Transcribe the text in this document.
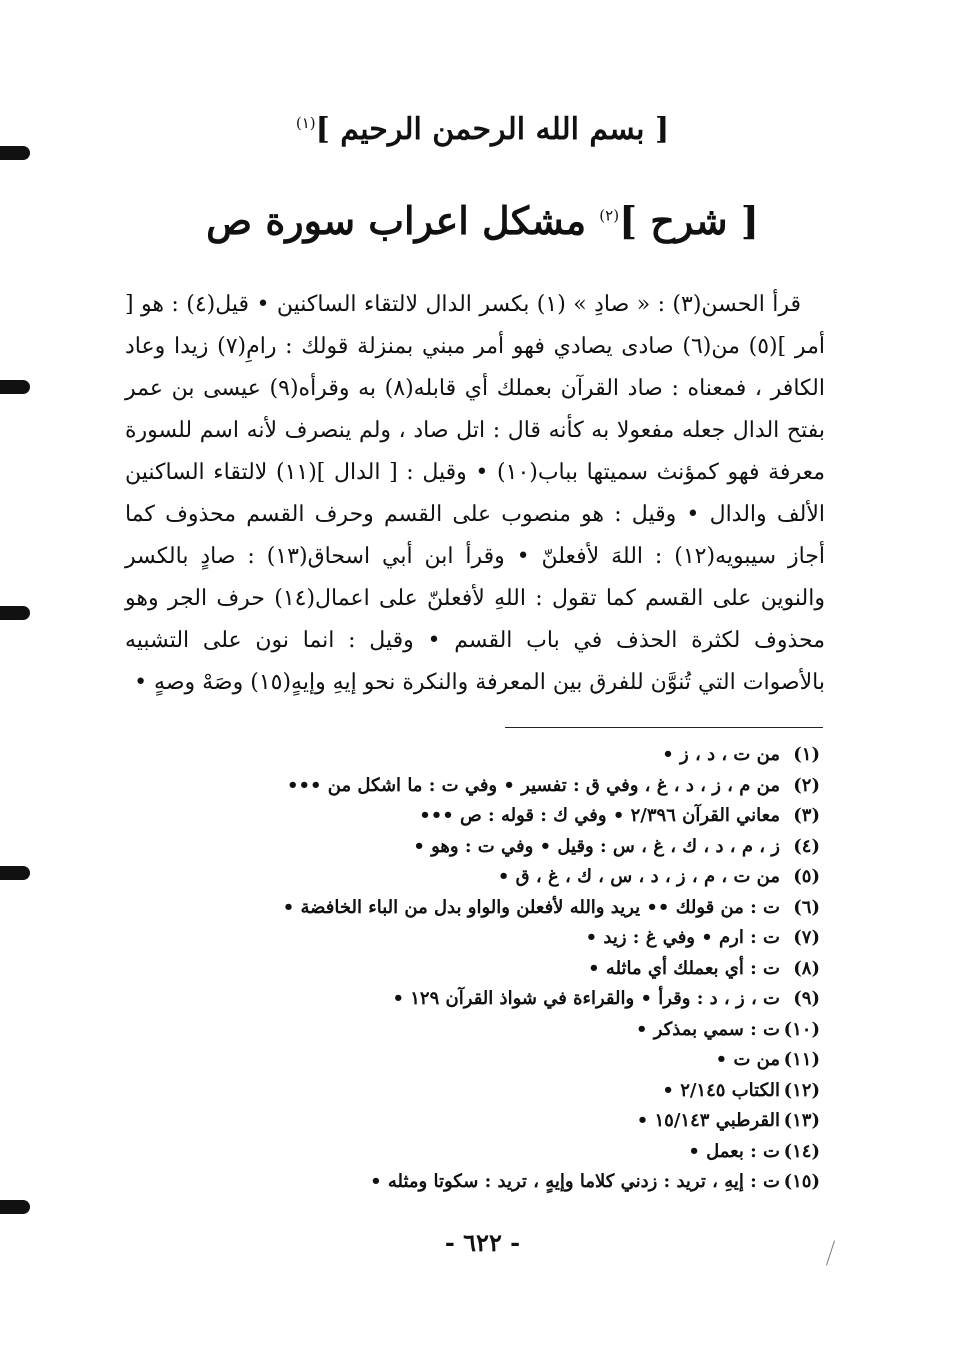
[ بسم الله الرحمن الرحيم ]$^{(١)}$
[ شرح ]$^{(٢)}$ مشكل اعراب سورة ص

قرأ الحسن(٣) : « صادِ » (١) بكسر الدال لالتقاء الساكنين • قيل(٤) : هو [ أمر ](٥) من(٦) صادى يصادي فهو أمر مبني بمنزلة قولك : رامِ(٧) زيدا وعاد الكافر ، فمعناه : صاد القرآن بعملك أي قابله(٨) به وقرأه(٩) عيسى بن عمر بفتح الدال جعله مفعولا به كأنه قال : اتل صاد ، ولم ينصرف لأنه اسم للسورة معرفة فهو كمؤنث سميتها بباب(١٠) • وقيل : [ الدال ](١١) لالتقاء الساكنين الألف والدال • وقيل : هو منصوب على القسم وحرف القسم محذوف كما أجاز سيبويه(١٢) : اللهَ لأفعلنّ • وقرأ ابن أبي اسحاق(١٣) : صادٍ بالكسر والنوين على القسم كما تقول : اللهِ لأفعلنّ على اعمال(١٤) حرف الجر وهو محذوف لكثرة الحذف في باب القسم • وقيل : انما نون على التشبيه بالأصوات التي تُنوَّن للفرق بين المعرفة والنكرة نحو إيهِ وإيهٍ(١٥) وصَهْ وصهٍ •

(١)من ت ، د ، ز •
(٢)من م ، ز ، د ، غ ، وفي ق : تفسير • وفي ت : ما اشكل من •••
(٣)معاني القرآن ٢/٣٩٦ • وفي ك : قوله : ص •••
(٤)ز ، م ، د ، ك ، غ ، س : وقيل • وفي ت : وهو •
(٥)من ت ، م ، ز ، د ، س ، ك ، غ ، ق •
(٦)ت : من قولك •• يريد والله لأفعلن والواو بدل من الباء الخافضة •
(٧)ت : ارم • وفي غ : زيد •
(٨)ت : أي بعملك أي ماثله •
(٩)ت ، ز ، د : وقرأ • والقراءة في شواذ القرآن ١٢٩ •
(١٠)ت : سمي بمذكر •
(١١)من ت •
(١٢)الكتاب ٢/١٤٥ •
(١٣)القرطبي ١٥/١٤٣ •
(١٤)ت : بعمل •
(١٥)ت : إيهِ ، تريد : زدني كلاما وإيهٍ ، تريد : سكوتا ومثله •
- ٦٢٢ -
